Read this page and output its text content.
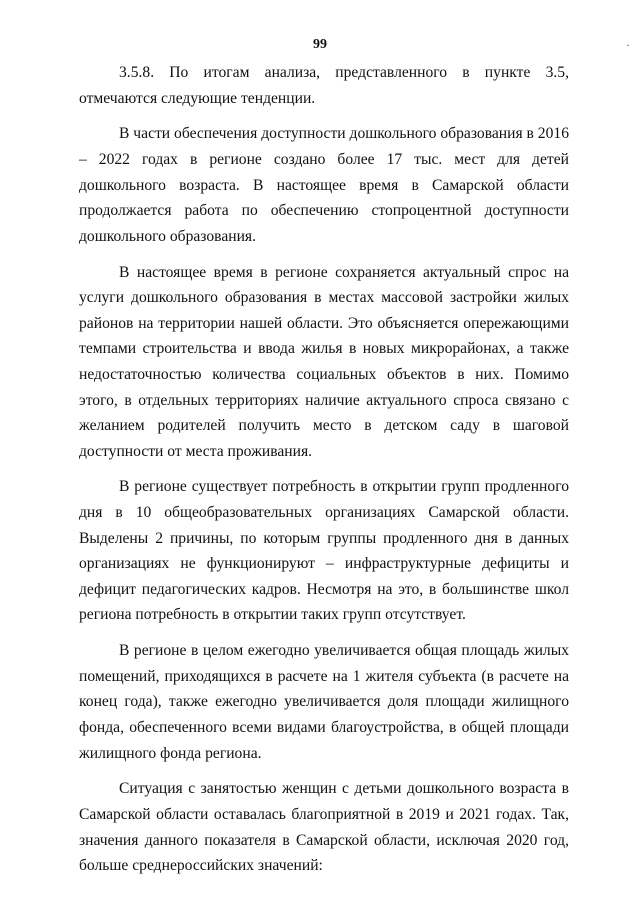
99	·

3.5.8. По итогам анализа, представленного в пункте 3.5, отмечаются следующие тенденции.

В части обеспечения доступности дошкольного образования в 2016 – 2022 годах в регионе создано более 17 тыс. мест для детей дошкольного возраста. В настоящее время в Самарской области продолжается работа по обеспечению стопроцентной доступности дошкольного образования.

В настоящее время в регионе сохраняется актуальный спрос на услуги дошкольного образования в местах массовой застройки жилых районов на территории нашей области. Это объясняется опережающими темпами строительства и ввода жилья в новых микрорайонах, а также недостаточностью количества социальных объектов в них. Помимо этого, в отдельных территориях наличие актуального спроса связано с желанием родителей получить место в детском саду в шаговой доступности от места проживания.

В регионе существует потребность в открытии групп продленного дня в 10 общеобразовательных организациях Самарской области. Выделены 2 причины, по которым группы продленного дня в данных организациях не функционируют – инфраструктурные дефициты и дефицит педагогических кадров. Несмотря на это, в большинстве школ региона потребность в открытии таких групп отсутствует.

В регионе в целом ежегодно увеличивается общая площадь жилых помещений, приходящихся в расчете на 1 жителя субъекта (в расчете на конец года), также ежегодно увеличивается доля площади жилищного фонда, обеспеченного всеми видами благоустройства, в общей площади жилищного фонда региона.

Ситуация с занятостью женщин с детьми дошкольного возраста в Самарской области оставалась благоприятной в 2019 и 2021 годах. Так, значения данного показателя в Самарской области, исключая 2020 год, больше среднероссийских значений:
